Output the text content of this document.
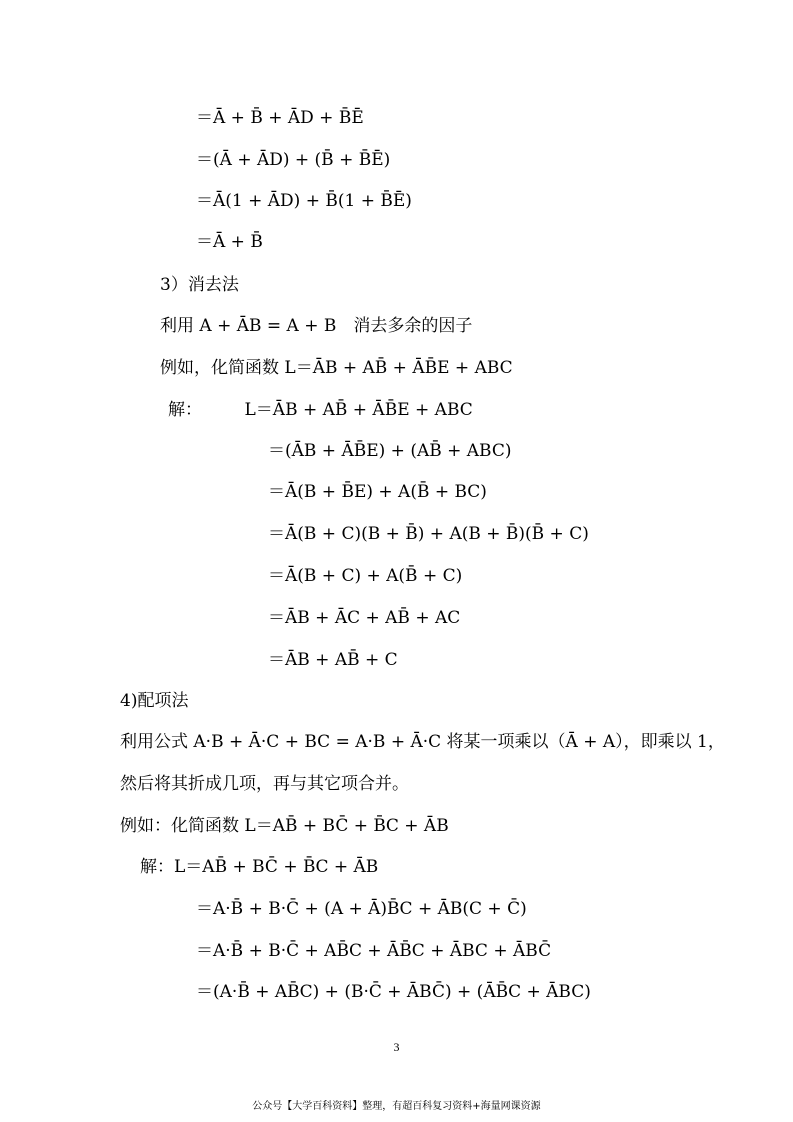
＝Ā + B̄ + ĀD + B̄Ē
＝(Ā + ĀD) + (B̄ + B̄Ē)
＝Ā(1 + ĀD) + B̄(1 + B̄Ē)
＝Ā + B̄
3）消去法
利用 A + ĀB = A + B　消去多余的因子
例如，化简函数 L＝ĀB + AB̄ + ĀB̄E + ABC
解：　　　L＝ĀB + AB̄ + ĀB̄E + ABC
＝(ĀB + ĀB̄E) + (AB̄ + ABC)
＝Ā(B + B̄E) + A(B̄ + BC)
＝Ā(B + C)(B + B̄) + A(B + B̄)(B̄ + C)
＝Ā(B + C) + A(B̄ + C)
＝ĀB + ĀC + AB̄ + AC
＝ĀB + AB̄ + C
4)配项法
利用公式 A·B + Ā·C + BC = A·B + Ā·C 将某一项乘以（Ā + A），即乘以 1，
然后将其折成几项，再与其它项合并。
例如：化简函数 L＝AB̄ + BC̄ + B̄C + ĀB
解：L＝AB̄ + BC̄ + B̄C + ĀB
＝A·B̄ + B·C̄ + (A + Ā)B̄C + ĀB(C + C̄)
＝A·B̄ + B·C̄ + AB̄C + ĀB̄C + ĀBC + ĀBC̄
＝(A·B̄ + AB̄C) + (B·C̄ + ĀBC̄) + (ĀB̄C + ĀBC)
3
公众号【大学百科资料】整理，有超百科复习资料+海量网课资源
